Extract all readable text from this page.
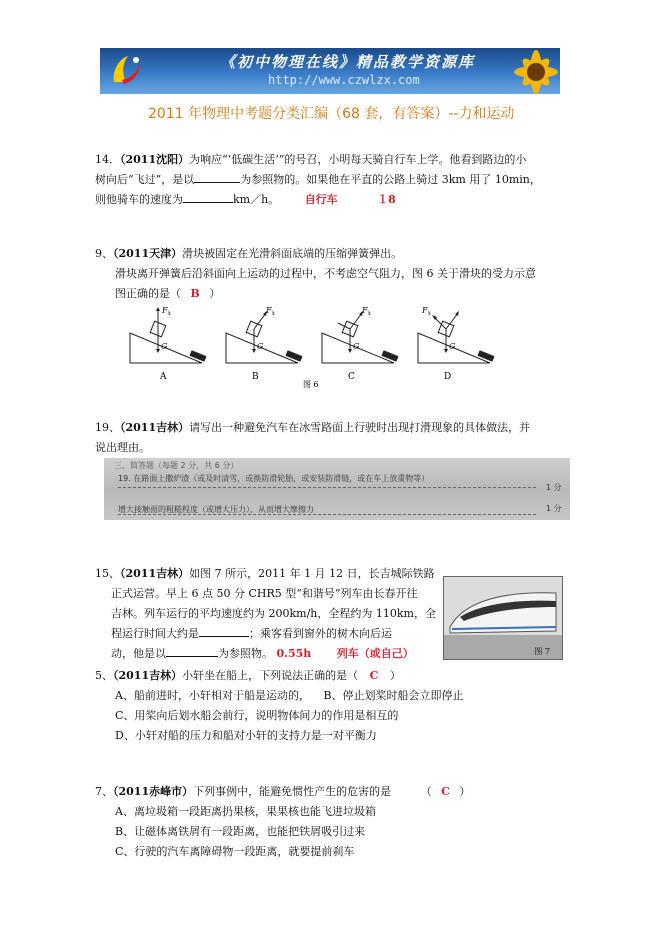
《初中物理在线》精品教学资源库
http://www.czwlzx.com
2011 年物理中考题分类汇编（68 套，有答案）--力和运动
14．（2011沈阳）为响应“‘低碳生活’”的号召，小明每天骑自行车上学。他看到路边的小
树向后“飞过”，是以	为参照物的。如果他在平直的公路上骑过 3km 用了 10min，
则他骑车的速度为	km／h。 自行车	１8
9、（2011天津）滑块被固定在光滑斜面底端的压缩弹簧弹出。
滑块离开弹簧后沿斜面向上运动的过程中，不考虑空气阻力，图 6 关于滑块的受力示意
图正确的是（ B ）
$F_x$
G
A
$F_x$
G
B
$F_x$
G
C
$F_x$
G
D
图 6
19、（2011吉林）请写出一种避免汽车在冰雪路面上行驶时出现打滑现象的具体做法，并
说出理由。
三、简答题（每题 2 分，共 6 分）
19. 在路面上撒炉渣（或及时清雪，或换防滑轮胎，或安装防滑链，或在车上放重物等）
1 分
增大接触面的粗糙程度（或增大压力），从而增大摩擦力	1 分
15、（2011吉林）如图 7 所示，2011 年 1 月 12 日，长吉城际铁路
正式运营。早上 6 点 50 分 CHR5 型“和谐号”列车由长春开往
吉林。列车运行的平均速度约为 200km/h，全程约为 110km，全
程运行时间大约是	；乘客看到窗外的树木向后运
动，他是以	为参照物。 0.55h 列车（或自己）	图 7
5、（2011吉林）小轩坐在船上，下列说法正确的是（ C ）
A、船前进时，小轩相对于船是运动的， B、停止划桨时船会立即停止
C、用桨向后划水船会前行，说明物体间力的作用是相互的
D、小轩对船的压力和船对小轩的支持力是一对平衡力
7、（2011赤峰市）下列事例中，能避免惯性产生的危害的是	（ C ）
A、离垃圾箱一段距离扔果核，果果核也能飞进垃圾箱
B、让磁体离铁屑有一段距离，也能把铁屑吸引过来
C、行驶的汽车离障碍物一段距离，就要提前刹车
